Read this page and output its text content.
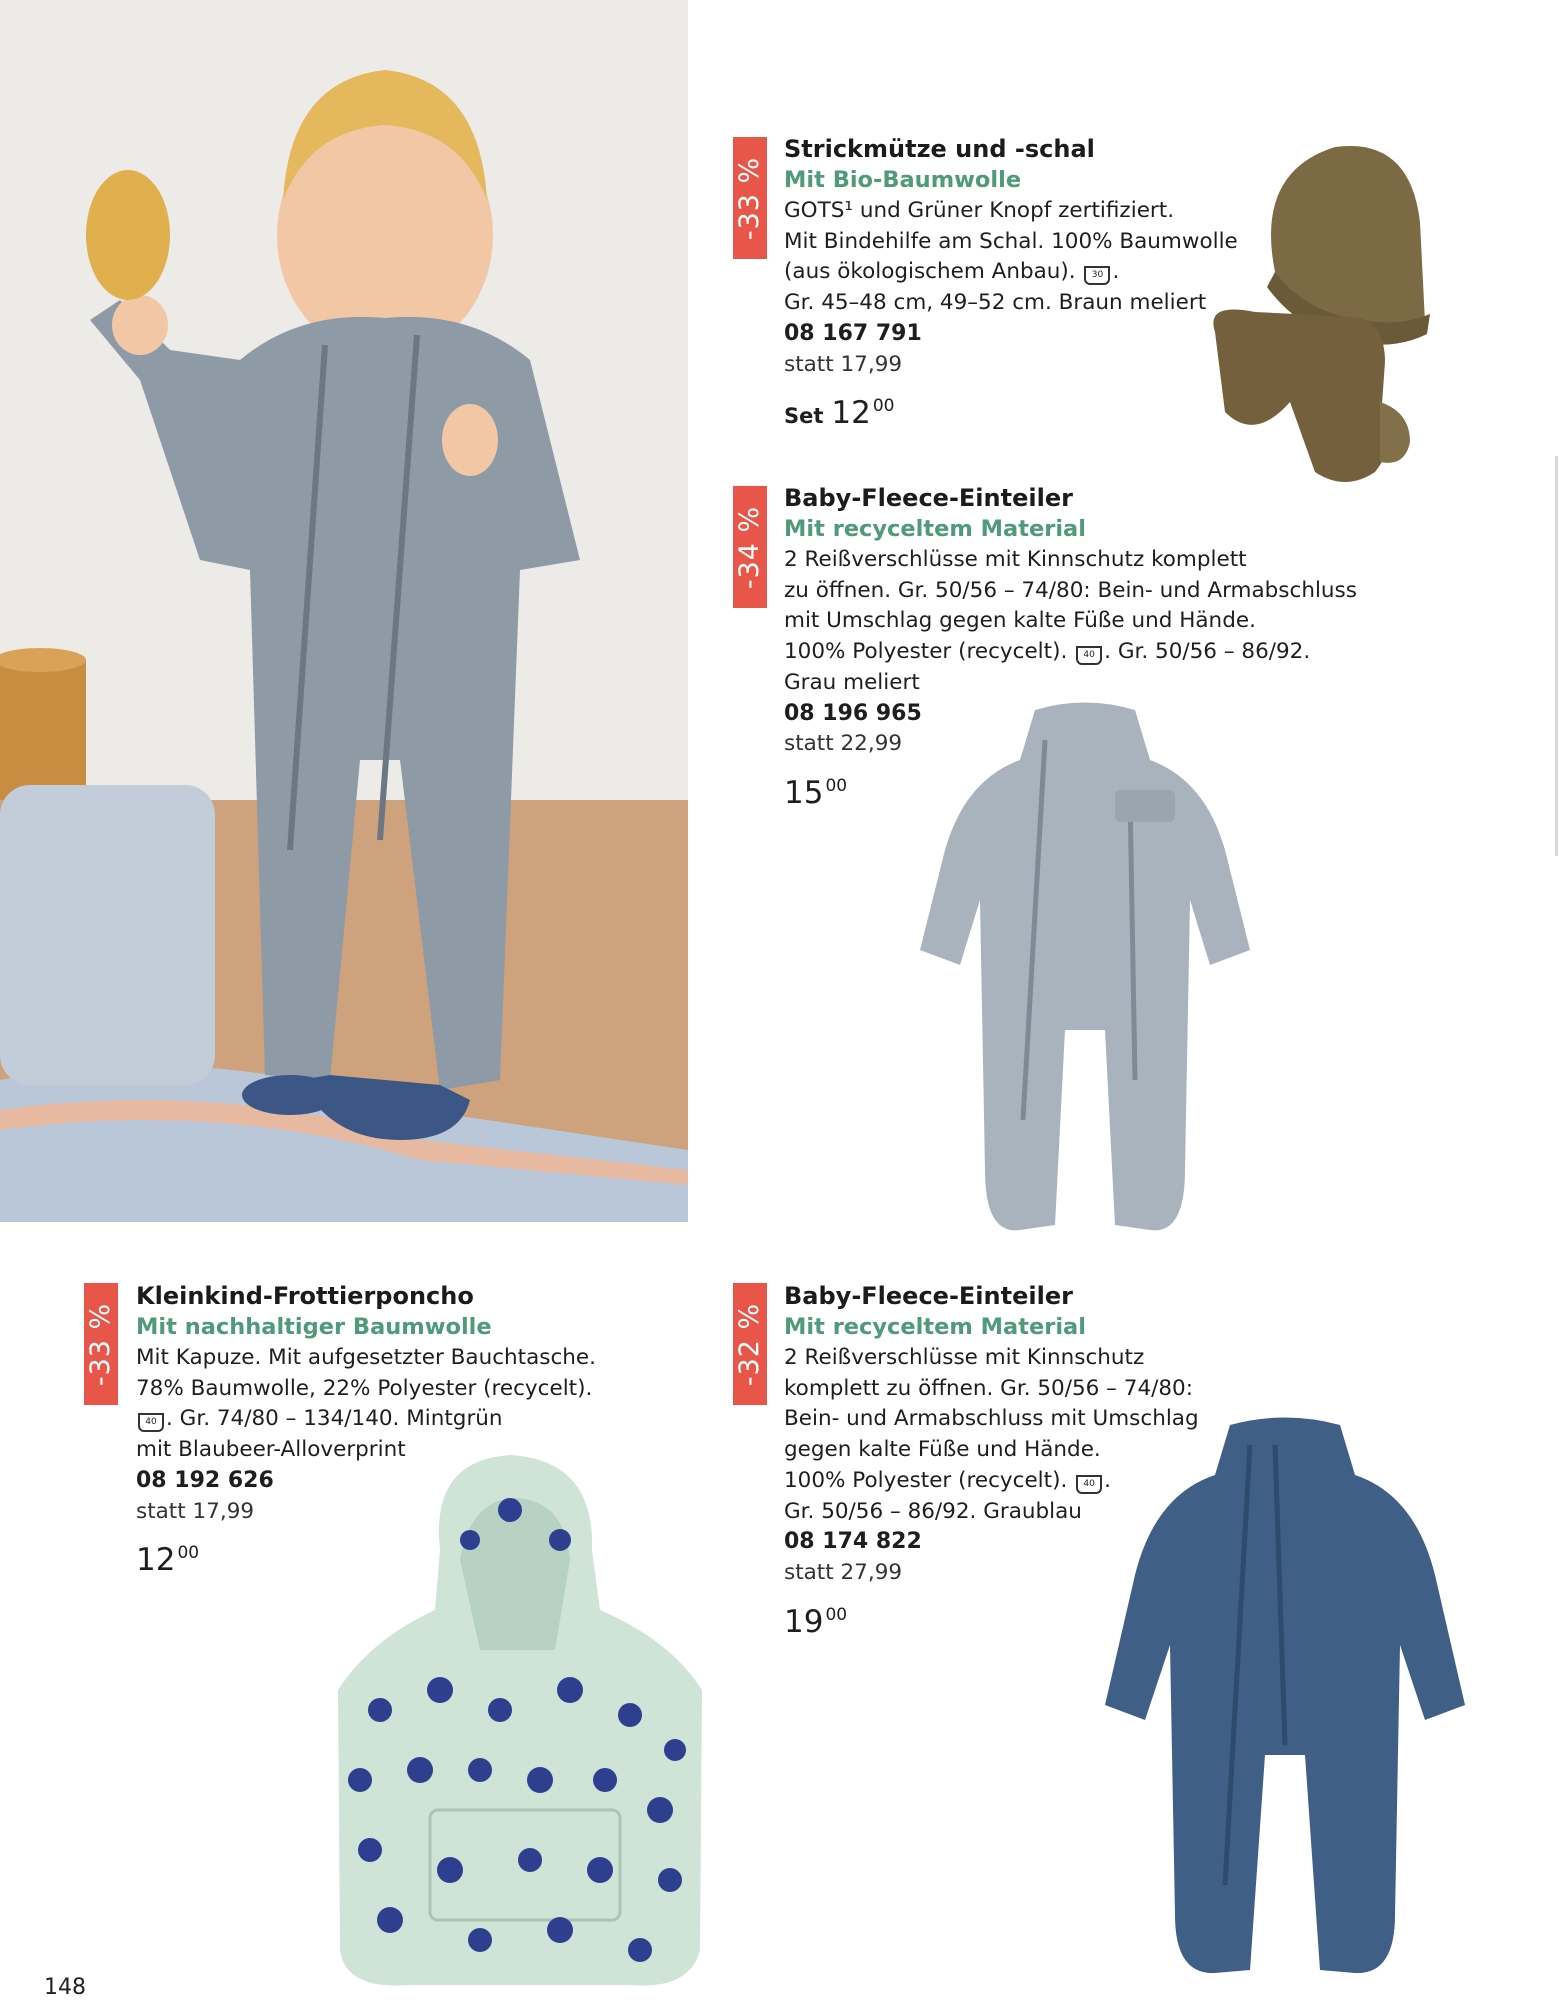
-33 %
Strickmütze und -schal
Mit Bio-Baumwolle
GOTS¹ und Grüner Knopf zertifiziert.
Mit Bindehilfe am Schal. 100% Baumwolle
(aus ökologischem Anbau). 30 .
Gr. 45–48 cm, 49–52 cm. Braun meliert
08 167 791
statt 17,99
Set 12 $^{00}$
-34 %
Baby-Fleece-Einteiler
Mit recyceltem Material
2 Reißverschlüsse mit Kinnschutz komplett
zu öffnen. Gr. 50/56 – 74/80: Bein- und Armabschluss
mit Umschlag gegen kalte Füße und Hände.
100% Polyester (recycelt). 40 . Gr. 50/56 – 86/92.
Grau meliert
08 196 965
statt 22,99
15 $^{00}$
-33 %
Kleinkind-Frottierponcho
Mit nachhaltiger Baumwolle
Mit Kapuze. Mit aufgesetzter Bauchtasche.
78% Baumwolle, 22% Polyester (recycelt).
40 . Gr. 74/80 – 134/140. Mintgrün
mit Blaubeer-Alloverprint
08 192 626
statt 17,99
12 $^{00}$
-32 %
Baby-Fleece-Einteiler
Mit recyceltem Material
2 Reißverschlüsse mit Kinnschutz
komplett zu öffnen. Gr. 50/56 – 74/80:
Bein- und Armabschluss mit Umschlag
gegen kalte Füße und Hände.
100% Polyester (recycelt). 40 .
Gr. 50/56 – 86/92. Graublau
08 174 822
statt 27,99
19 $^{00}$
148
